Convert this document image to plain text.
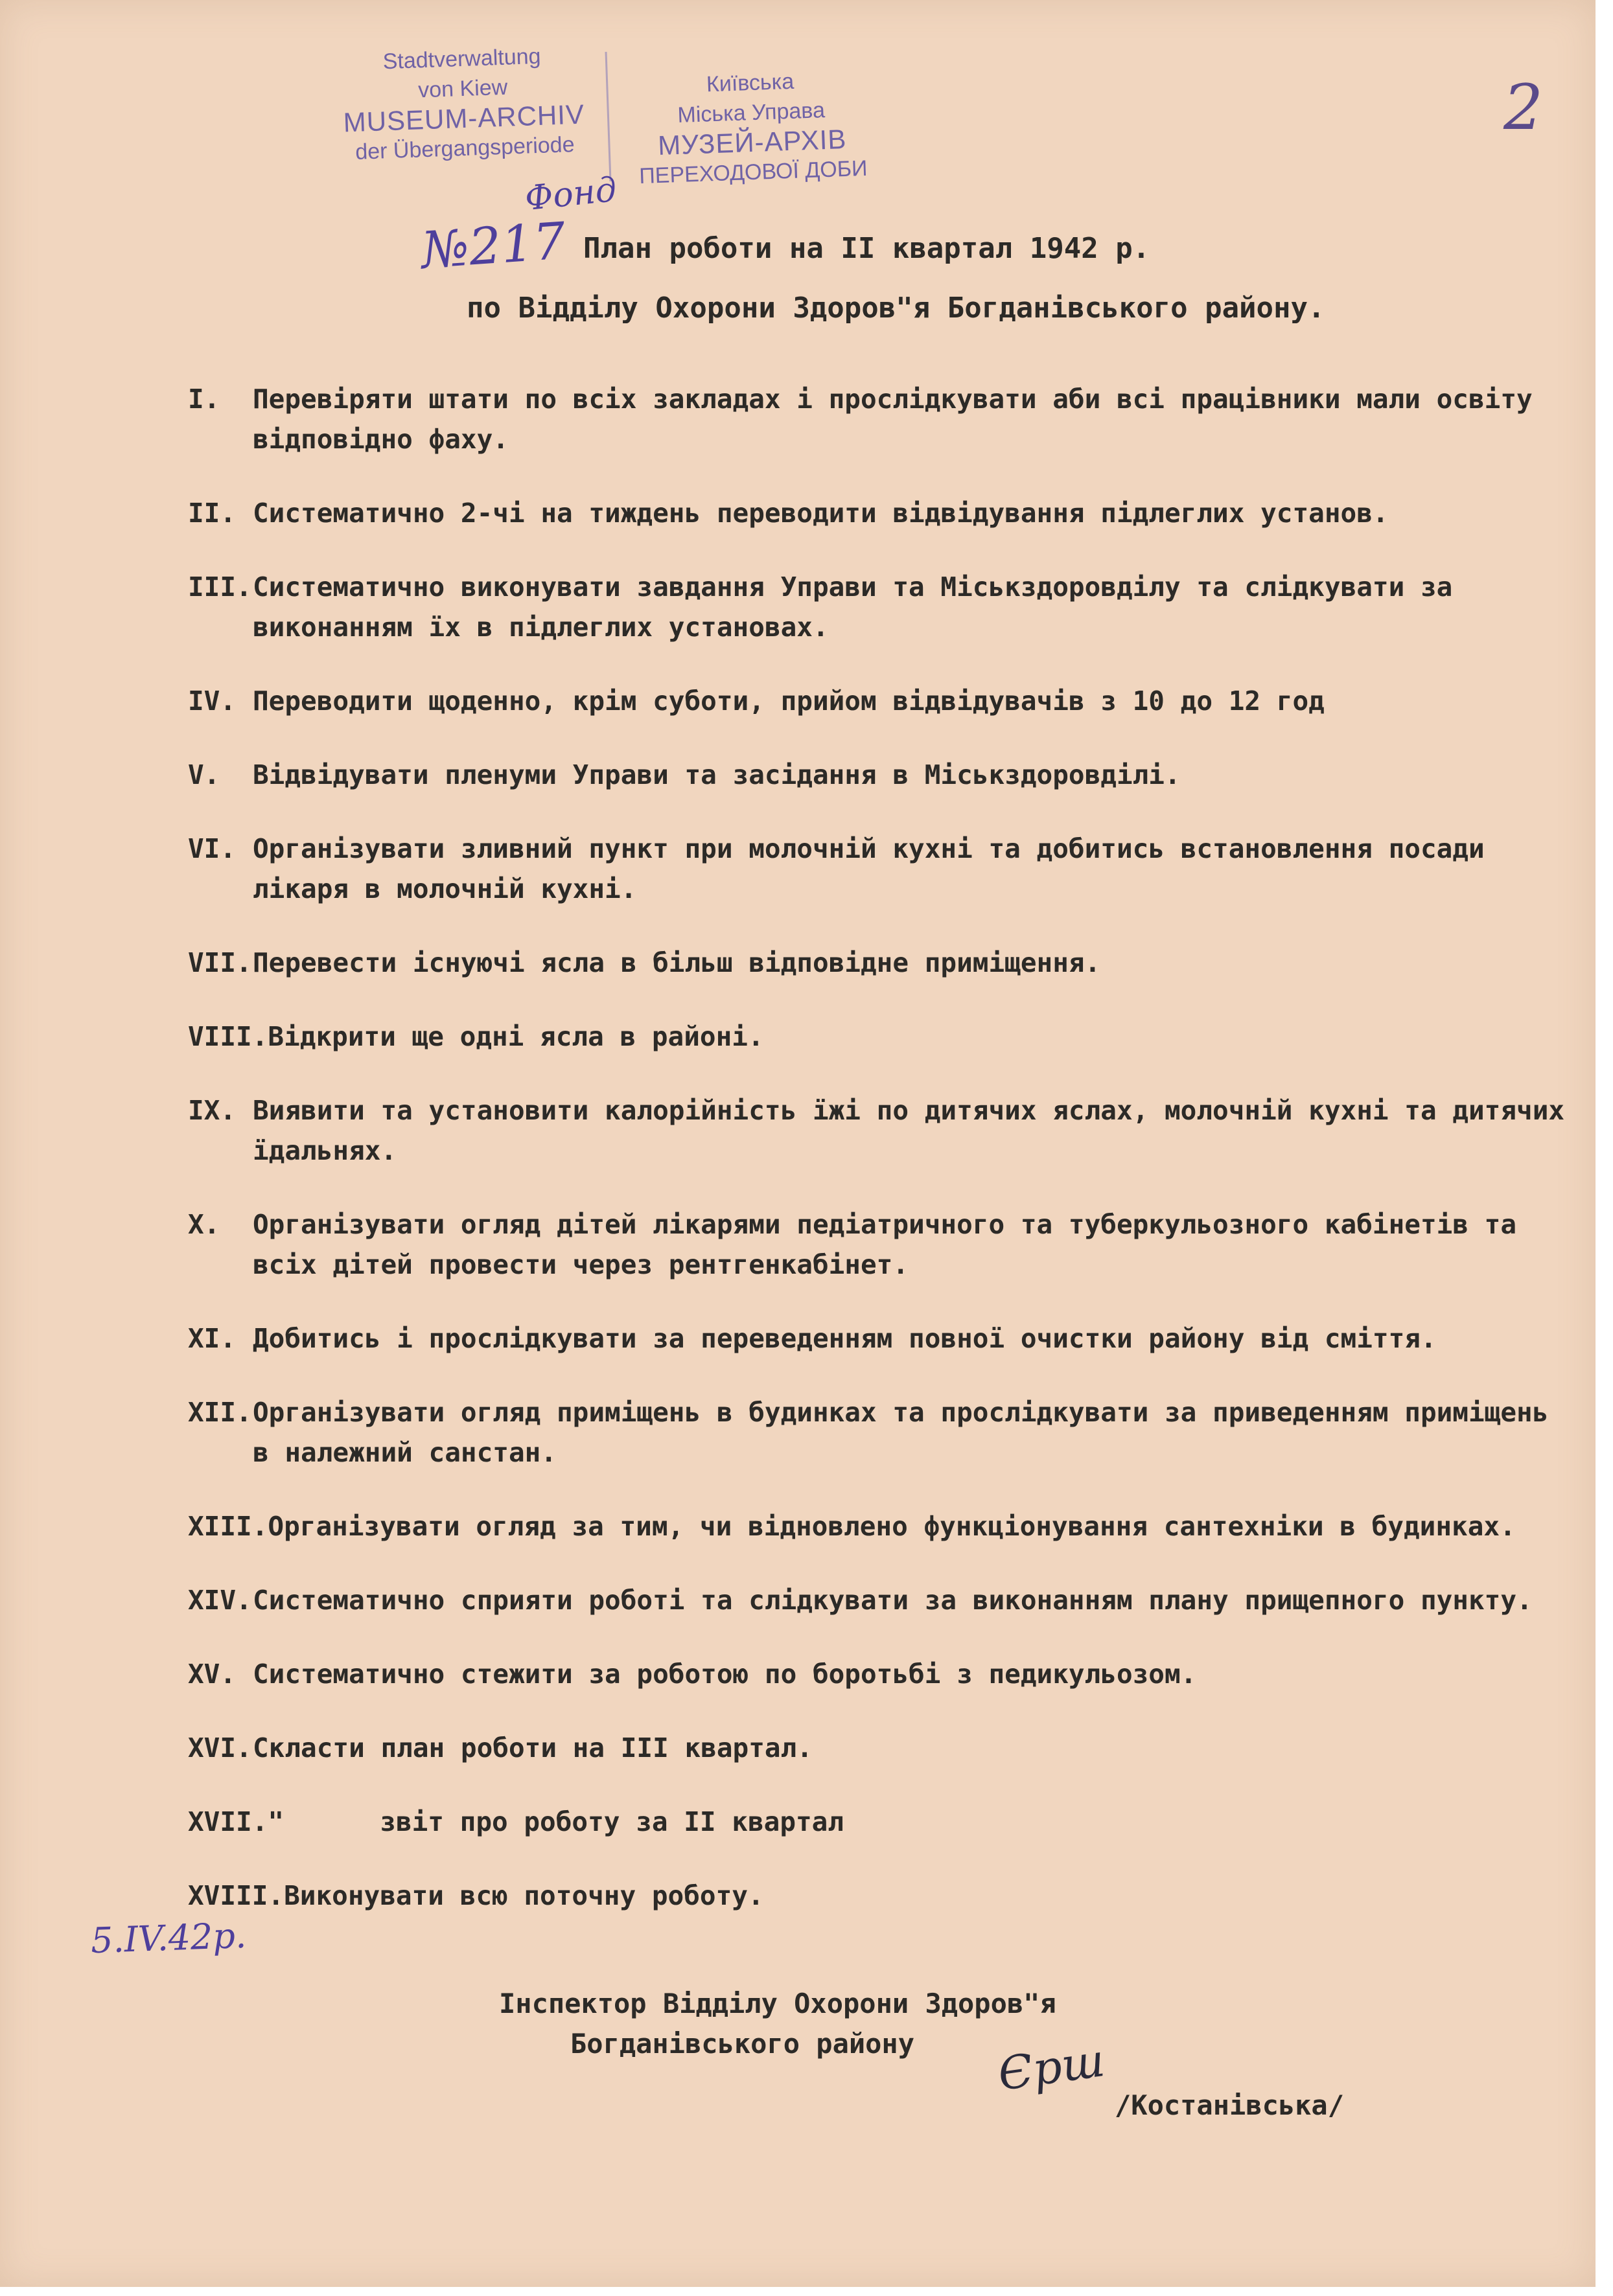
Stadtverwaltung
von Kiew
MUSEUM-ARCHIV
der Übergangsperiode
Київська
Міська Управа
МУЗЕЙ-АРХІВ
ПЕРЕХОДОВОЇ ДОБИ
Фонд
№217
2
План роботи на II квартал 1942 р.
по Відділу Охорони Здоров"я Богданівського району.
I.	Перевіряти штати по всіх закладах і прослідкувати аби всі працівники мали освіту відповідно фаху.
II. Систематично 2-чі на тиждень переводити відвідування підлеглих установ.
III. Систематично виконувати завдання Управи та Міськздоровділу та слідкувати за виконанням їх в підлеглих установах.
IV. Переводити щоденно, крім суботи, прийом відвідувачів з 10 до 12 год
V.	Відвідувати пленуми Управи та засідання в Міськздоровділі.
VI. Організувати зливний пункт при молочній кухні та добитись встановлення посади лікаря в молочній кухні.
VII. Перевести існуючі ясла в більш відповідне приміщення.
VIII. Відкрити ще одні ясла в районі.
IX. Виявити та установити калорійність їжі по дитячих яслах, молочній кухні та дитячих їдальнях.
X.	Організувати огляд дітей лікарями педіатричного та туберкульозного кабінетів та всіх дітей провести через рентгенкабінет.
XI. Добитись і прослідкувати за переведенням повної очистки району від сміття.
XII. Організувати огляд приміщень в будинках та прослідкувати за приведенням приміщень в належний санстан.
XIII. Організувати огляд за тим, чи відновлено функціонування сантехніки в будинках.
XIV. Систематично сприяти роботі та слідкувати за виконанням плану прищепного пункту.
XV. Систематично стежити за роботою по боротьбі з педикульозом.
XVI. Скласти план роботи на III квартал.
XVII. "      звіт про роботу за II квартал
XVIII. Виконувати всю поточну роботу.
5.IV.42р.
Інспектор Відділу Охорони Здоров"я
Богданівського району Єрш
/Костанівська/
